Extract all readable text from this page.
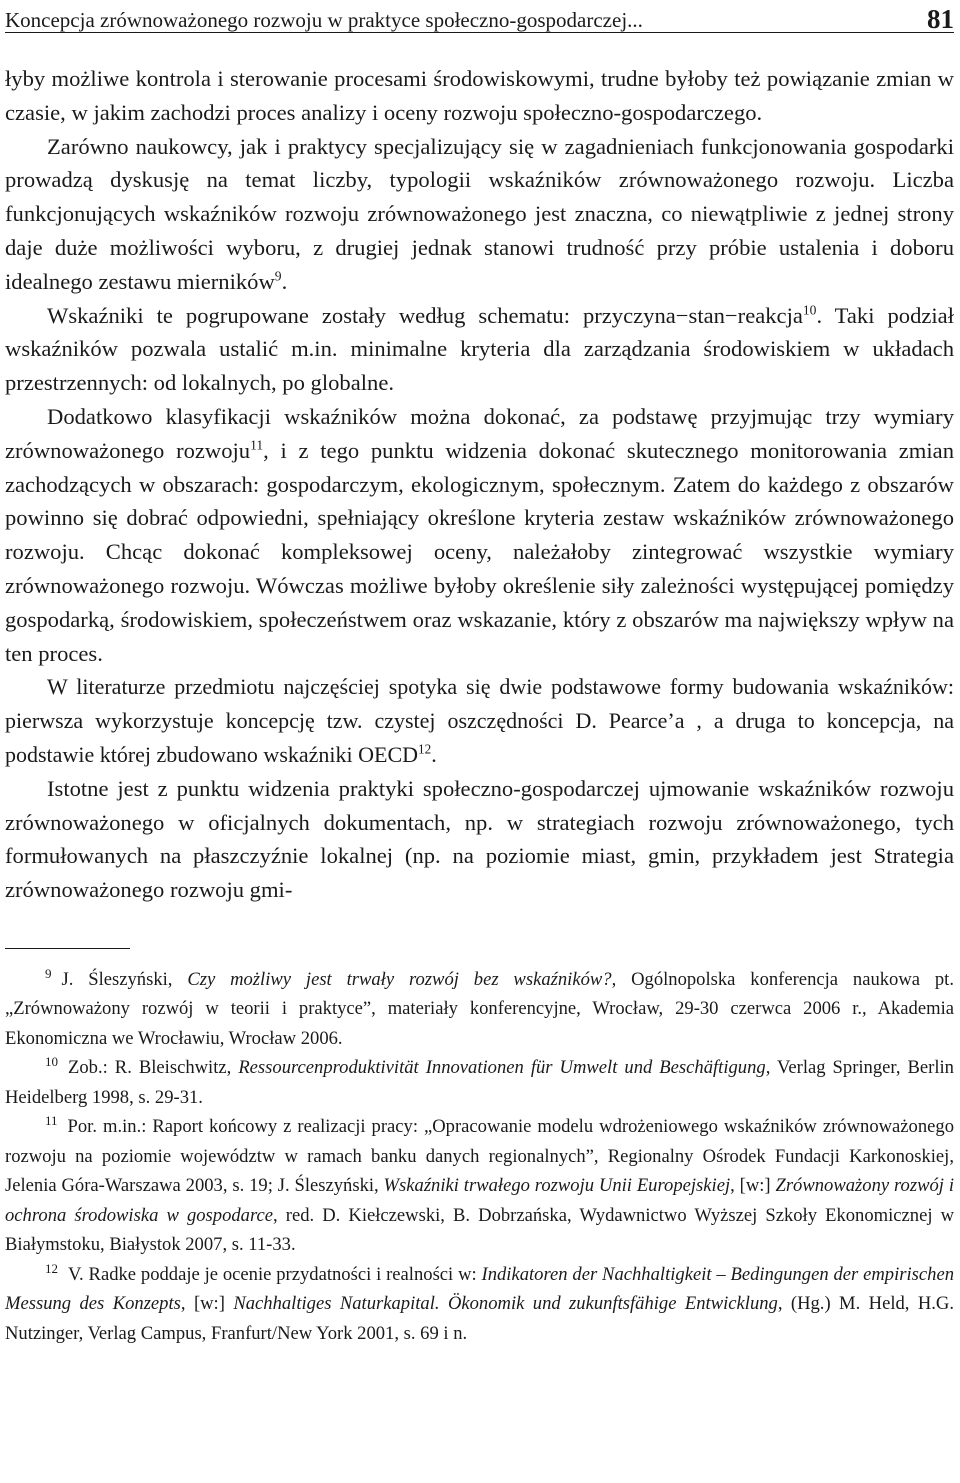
Koncepcja zrównoważonego rozwoju w praktyce społeczno-gospodarczej...	81

łyby możliwe kontrola i sterowanie procesami środowiskowymi, trudne byłoby też powiązanie zmian w czasie, w jakim zachodzi proces analizy i oceny rozwoju społeczno-gospodarczego.

Zarówno naukowcy, jak i praktycy specjalizujący się w zagadnieniach funkcjonowania gospodarki prowadzą dyskusję na temat liczby, typologii wskaźników zrównoważonego rozwoju. Liczba funkcjonujących wskaźników rozwoju zrównoważonego jest znaczna, co niewątpliwie z jednej strony daje duże możliwości wyboru, z drugiej jednak stanowi trudność przy próbie ustalenia i doboru idealnego zestawu mierników$^9$.

Wskaźniki te pogrupowane zostały według schematu: przyczyna−stan−reakcja$^{10}$. Taki podział wskaźników pozwala ustalić m.in. minimalne kryteria dla zarządzania środowiskiem w układach przestrzennych: od lokalnych, po globalne.

Dodatkowo klasyfikacji wskaźników można dokonać, za podstawę przyjmując trzy wymiary zrównoważonego rozwoju$^{11}$, i z tego punktu widzenia dokonać skutecznego monitorowania zmian zachodzących w obszarach: gospodarczym, ekologicznym, społecznym. Zatem do każdego z obszarów powinno się dobrać odpowiedni, spełniający określone kryteria zestaw wskaźników zrównoważonego rozwoju. Chcąc dokonać kompleksowej oceny, należałoby zintegrować wszystkie wymiary zrównoważonego rozwoju. Wówczas możliwe byłoby określenie siły zależności występującej pomiędzy gospodarką, środowiskiem, społeczeństwem oraz wskazanie, który z obszarów ma największy wpływ na ten proces.

W literaturze przedmiotu najczęściej spotyka się dwie podstawowe formy budowania wskaźników: pierwsza wykorzystuje koncepcję tzw. czystej oszczędności D. Pearce’a , a druga to koncepcja, na podstawie której zbudowano wskaźniki OECD$^{12}$.

Istotne jest z punktu widzenia praktyki społeczno-gospodarczej ujmowanie wskaźników rozwoju zrównoważonego w oficjalnych dokumentach, np. w strategiach rozwoju zrównoważonego, tych formułowanych na płaszczyźnie lokalnej (np. na poziomie miast, gmin, przykładem jest Strategia zrównoważonego rozwoju gmi-

$^9$ J. Śleszyński, Czy możliwy jest trwały rozwój bez wskaźników?, Ogólnopolska konferencja naukowa pt. „Zrównoważony rozwój w teorii i praktyce”, materiały konferencyjne, Wrocław, 29-30 czerwca 2006 r., Akademia Ekonomiczna we Wrocławiu, Wrocław 2006.

$^{10}$ Zob.: R. Bleischwitz, Ressourcenproduktivität Innovationen für Umwelt und Beschäftigung, Verlag Springer, Berlin Heidelberg 1998, s. 29-31.

$^{11}$ Por. m.in.: Raport końcowy z realizacji pracy: „Opracowanie modelu wdrożeniowego wskaźników zrównoważonego rozwoju na poziomie województw w ramach banku danych regionalnych”, Regionalny Ośrodek Fundacji Karkonoskiej, Jelenia Góra-Warszawa 2003, s. 19; J. Śleszyński, Wskaźniki trwałego rozwoju Unii Europejskiej, [w:] Zrównoważony rozwój i ochrona środowiska w gospodarce, red. D. Kiełczewski, B. Dobrzańska, Wydawnictwo Wyższej Szkoły Ekonomicznej w Białymstoku, Białystok 2007, s. 11-33.

$^{12}$ V. Radke poddaje je ocenie przydatności i realności w: Indikatoren der Nachhaltigkeit – Bedingungen der empirischen Messung des Konzepts, [w:] Nachhaltiges Naturkapital. Ökonomik und zukunftsfähige Entwicklung, (Hg.) M. Held, H.G. Nutzinger, Verlag Campus, Franfurt/New York 2001, s. 69 i n.
